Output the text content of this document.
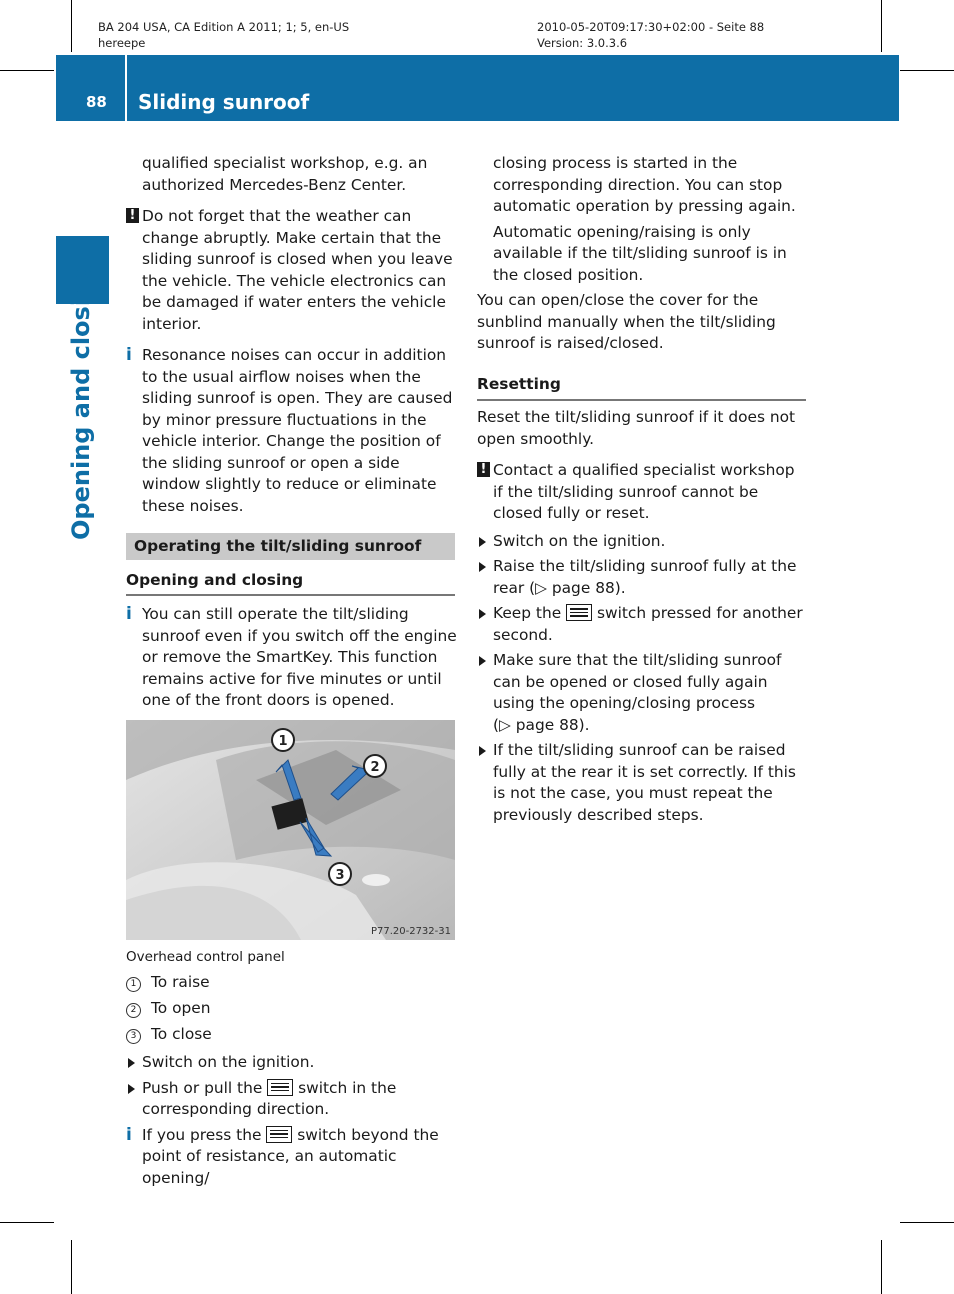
BA 204 USA, CA Edition A 2011; 1; 5, en-US
hereepe
2010-05-20T09:17:30+02:00 - Seite 88
Version: 3.0.3.6
88 Sliding sunroof
Opening and closing

qualified specialist workshop, e.g. an authorized Mercedes-Benz Center.

! Do not forget that the weather can change abruptly. Make certain that the sliding sunroof is closed when you leave the vehicle. The vehicle electronics can be damaged if water enters the vehicle interior.
i Resonance noises can occur in addition to the usual airflow noises when the sliding sunroof is open. They are caused by minor pressure fluctuations in the vehicle interior. Change the position of the sliding sunroof or open a side window slightly to reduce or eliminate these noises.
Operating the tilt/sliding sunroof
Opening and closing
i You can still operate the tilt/sliding sunroof even if you switch off the engine or remove the SmartKey. This function remains active for five minutes or until one of the front doors is opened.
1
2
3
P77.20-2732-31
Overhead control panel
1 To raise
2 To open
3 To close
Switch on the ignition.
Push or pull the switch in the corresponding direction.
i If you press the switch beyond the point of resistance, an automatic opening/

closing process is started in the corresponding direction. You can stop automatic operation by pressing again.

Automatic opening/raising is only available if the tilt/sliding sunroof is in the closed position.

You can open/close the cover for the sunblind manually when the tilt/sliding sunroof is raised/closed.

Resetting

Reset the tilt/sliding sunroof if it does not open smoothly.

! Contact a qualified specialist workshop if the tilt/sliding sunroof cannot be closed fully or reset.
Switch on the ignition.
Raise the tilt/sliding sunroof fully at the rear (▷ page 88).
Keep the switch pressed for another second.
Make sure that the tilt/sliding sunroof can be opened or closed fully again using the opening/closing process (▷ page 88).
If the tilt/sliding sunroof can be raised fully at the rear it is set correctly. If this is not the case, you must repeat the previously described steps.
